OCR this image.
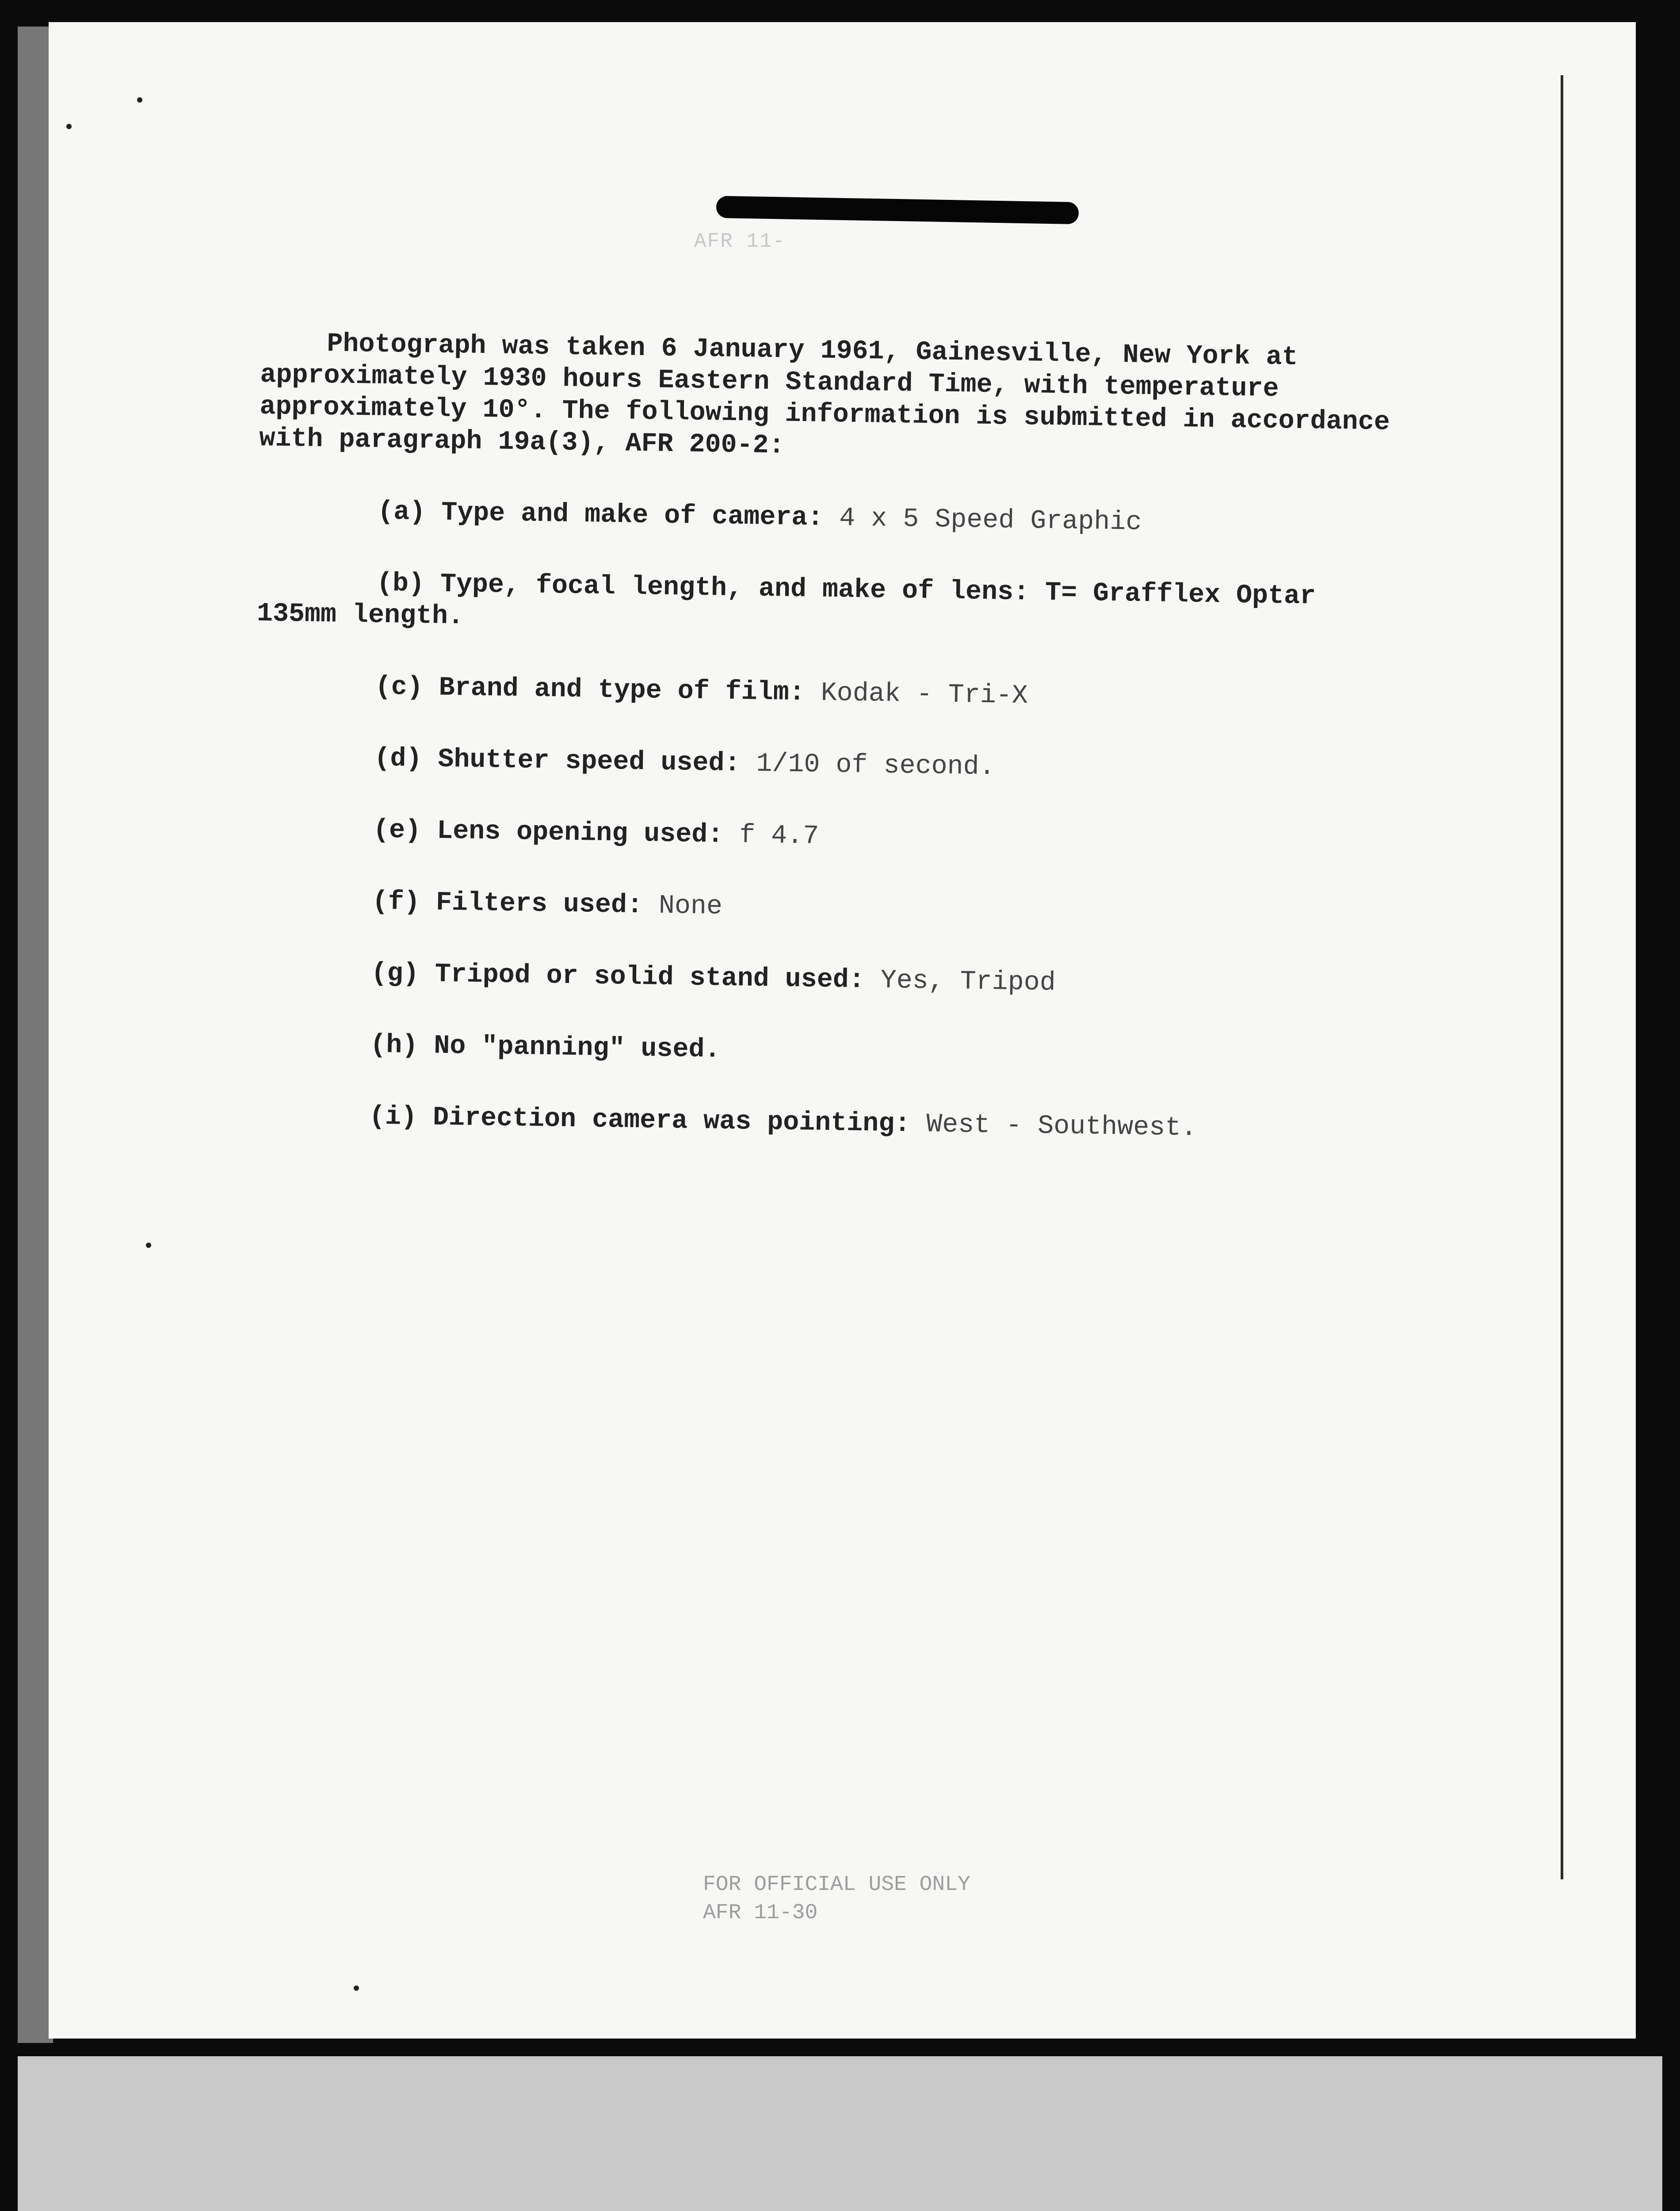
AFR 11-

Photograph was taken 6 January 1961, Gainesville, New York at approximately 1930 hours Eastern Standard Time, with temperature approximately 10°. The following information is submitted in accordance with paragraph 19a(3), AFR 200-2:

(a) Type and make of camera: 4 x 5 Speed Graphic

(b) Type, focal length, and make of lens: T= Grafflex Optar 135mm length.

(c) Brand and type of film: Kodak - Tri-X

(d) Shutter speed used: 1/10 of second.

(e) Lens opening used: f 4.7

(f) Filters used: None

(g) Tripod or solid stand used: Yes, Tripod

(h) No "panning" used.

(i) Direction camera was pointing: West - Southwest.

FOR OFFICIAL USE ONLY
AFR 11-30
